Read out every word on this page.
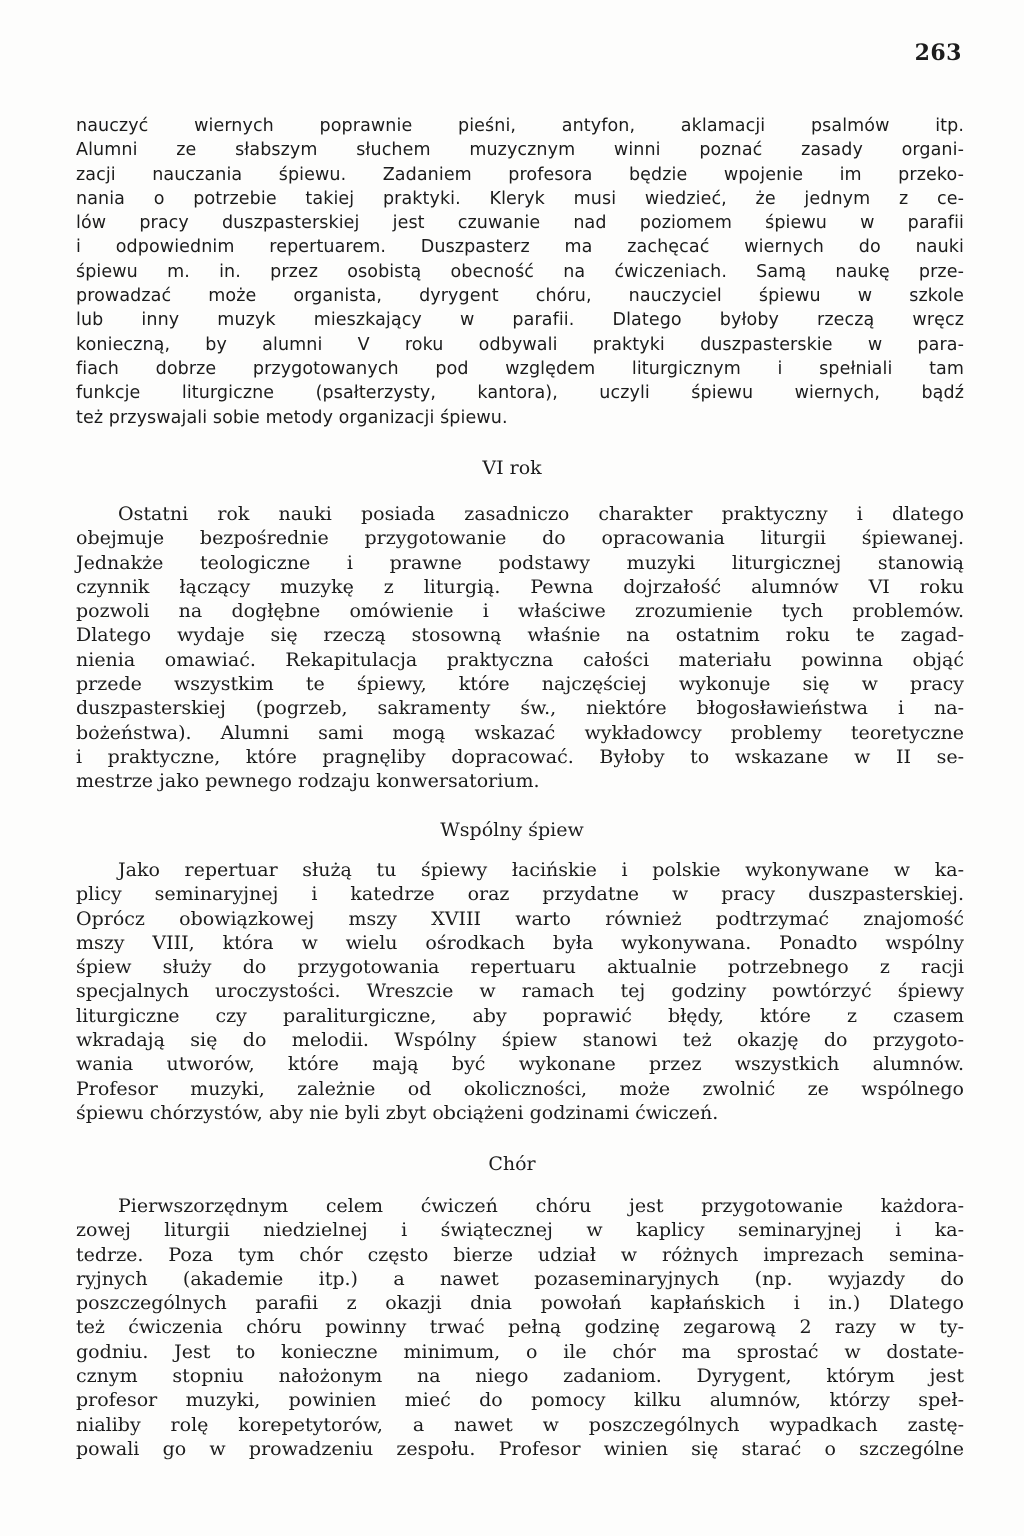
263
nauczyć wiernych poprawnie pieśni, antyfon, aklamacji psalmów itp.
Alumni ze słabszym słuchem muzycznym winni poznać zasady organi-
zacji nauczania śpiewu. Zadaniem profesora będzie wpojenie im przeko-
nania o potrzebie takiej praktyki. Kleryk musi wiedzieć, że jednym z ce-
lów pracy duszpasterskiej jest czuwanie nad poziomem śpiewu w parafii
i odpowiednim repertuarem. Duszpasterz ma zachęcać wiernych do nauki
śpiewu m. in. przez osobistą obecność na ćwiczeniach. Samą naukę prze-
prowadzać może organista, dyrygent chóru, nauczyciel śpiewu w szkole
lub inny muzyk mieszkający w parafii. Dlatego byłoby rzeczą wręcz
konieczną, by alumni V roku odbywali praktyki duszpasterskie w para-
fiach dobrze przygotowanych pod względem liturgicznym i spełniali tam
funkcje liturgiczne (psałterzysty, kantora), uczyli śpiewu wiernych, bądź
też przyswajali sobie metody organizacji śpiewu.
VI rok
Ostatni rok nauki posiada zasadniczo charakter praktyczny i dlatego
obejmuje bezpośrednie przygotowanie do opracowania liturgii śpiewanej.
Jednakże teologiczne i prawne podstawy muzyki liturgicznej stanowią
czynnik łączący muzykę z liturgią. Pewna dojrzałość alumnów VI roku
pozwoli na dogłębne omówienie i właściwe zrozumienie tych problemów.
Dlatego wydaje się rzeczą stosowną właśnie na ostatnim roku te zagad-
nienia omawiać. Rekapitulacja praktyczna całości materiału powinna objąć
przede wszystkim te śpiewy, które najczęściej wykonuje się w pracy
duszpasterskiej (pogrzeb, sakramenty św., niektóre błogosławieństwa i na-
bożeństwa). Alumni sami mogą wskazać wykładowcy problemy teoretyczne
i praktyczne, które pragnęliby dopracować. Byłoby to wskazane w II se-
mestrze jako pewnego rodzaju konwersatorium.
Wspólny śpiew
Jako repertuar służą tu śpiewy łacińskie i polskie wykonywane w ka-
plicy seminaryjnej i katedrze oraz przydatne w pracy duszpasterskiej.
Oprócz obowiązkowej mszy XVIII warto również podtrzymać znajomość
mszy VIII, która w wielu ośrodkach była wykonywana. Ponadto wspólny
śpiew służy do przygotowania repertuaru aktualnie potrzebnego z racji
specjalnych uroczystości. Wreszcie w ramach tej godziny powtórzyć śpiewy
liturgiczne czy paraliturgiczne, aby poprawić błędy, które z czasem
wkradają się do melodii. Wspólny śpiew stanowi też okazję do przygoto-
wania utworów, które mają być wykonane przez wszystkich alumnów.
Profesor muzyki, zależnie od okoliczności, może zwolnić ze wspólnego
śpiewu chórzystów, aby nie byli zbyt obciążeni godzinami ćwiczeń.
Chór
Pierwszorzędnym celem ćwiczeń chóru jest przygotowanie każdora-
zowej liturgii niedzielnej i świątecznej w kaplicy seminaryjnej i ka-
tedrze. Poza tym chór często bierze udział w różnych imprezach semina-
ryjnych (akademie itp.) a nawet pozaseminaryjnych (np. wyjazdy do
poszczególnych parafii z okazji dnia powołań kapłańskich i in.) Dlatego
też ćwiczenia chóru powinny trwać pełną godzinę zegarową 2 razy w ty-
godniu. Jest to konieczne minimum, o ile chór ma sprostać w dostate-
cznym stopniu nałożonym na niego zadaniom. Dyrygent, którym jest
profesor muzyki, powinien mieć do pomocy kilku alumnów, którzy speł-
nialiby rolę korepetytorów, a nawet w poszczególnych wypadkach zastę-
powali go w prowadzeniu zespołu. Profesor winien się starać o szczególne
